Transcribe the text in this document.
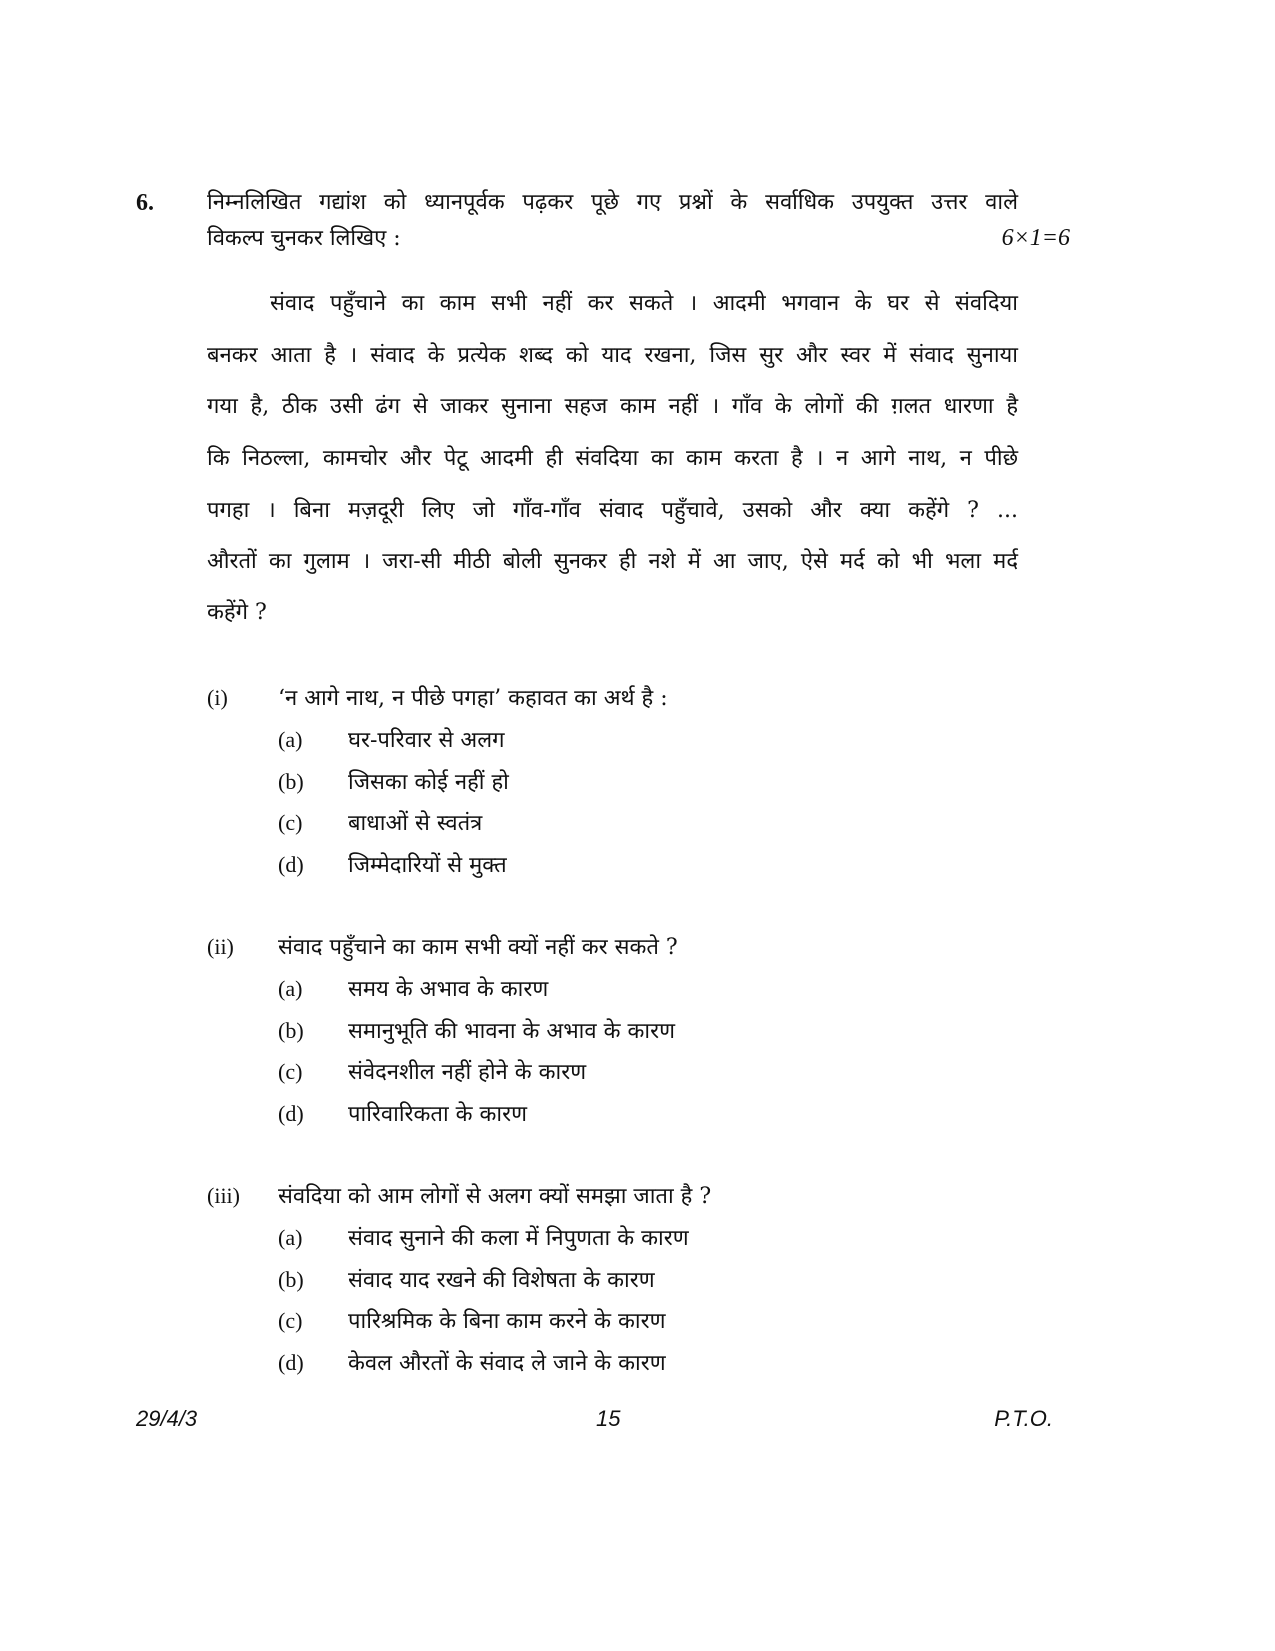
6. निम्नलिखित गद्यांश को ध्यानपूर्वक पढ़कर पूछे गए प्रश्नों के सर्वाधिक उपयुक्त उत्तर वाले
विकल्प चुनकर लिखिए :	6×1=6
संवाद पहुँचाने का काम सभी नहीं कर सकते । आदमी भगवान के घर से संवदिया
बनकर आता है । संवाद के प्रत्येक शब्द को याद रखना, जिस सुर और स्वर में संवाद सुनाया
गया है, ठीक उसी ढंग से जाकर सुनाना सहज काम नहीं । गाँव के लोगों की ग़लत धारणा है
कि निठल्ला, कामचोर और पेटू आदमी ही संवदिया का काम करता है । न आगे नाथ, न पीछे
पगहा । बिना मज़दूरी लिए जो गाँव-गाँव संवाद पहुँचावे, उसको और क्या कहेंगे ? ...
औरतों का गुलाम । जरा-सी मीठी बोली सुनकर ही नशे में आ जाए, ऐसे मर्द को भी भला मर्द
कहेंगे ?
(i) ‘न आगे नाथ, न पीछे पगहा’ कहावत का अर्थ है :
(a) घर-परिवार से अलग
(b) जिसका कोई नहीं हो
(c) बाधाओं से स्वतंत्र
(d) जिम्मेदारियों से मुक्त
(ii) संवाद पहुँचाने का काम सभी क्यों नहीं कर सकते ?
(a) समय के अभाव के कारण
(b) समानुभूति की भावना के अभाव के कारण
(c) संवेदनशील नहीं होने के कारण
(d) पारिवारिकता के कारण
(iii) संवदिया को आम लोगों से अलग क्यों समझा जाता है ?
(a) संवाद सुनाने की कला में निपुणता के कारण
(b) संवाद याद रखने की विशेषता के कारण
(c) पारिश्रमिक के बिना काम करने के कारण
(d) केवल औरतों के संवाद ले जाने के कारण
29/4/3	15	P.T.O.
